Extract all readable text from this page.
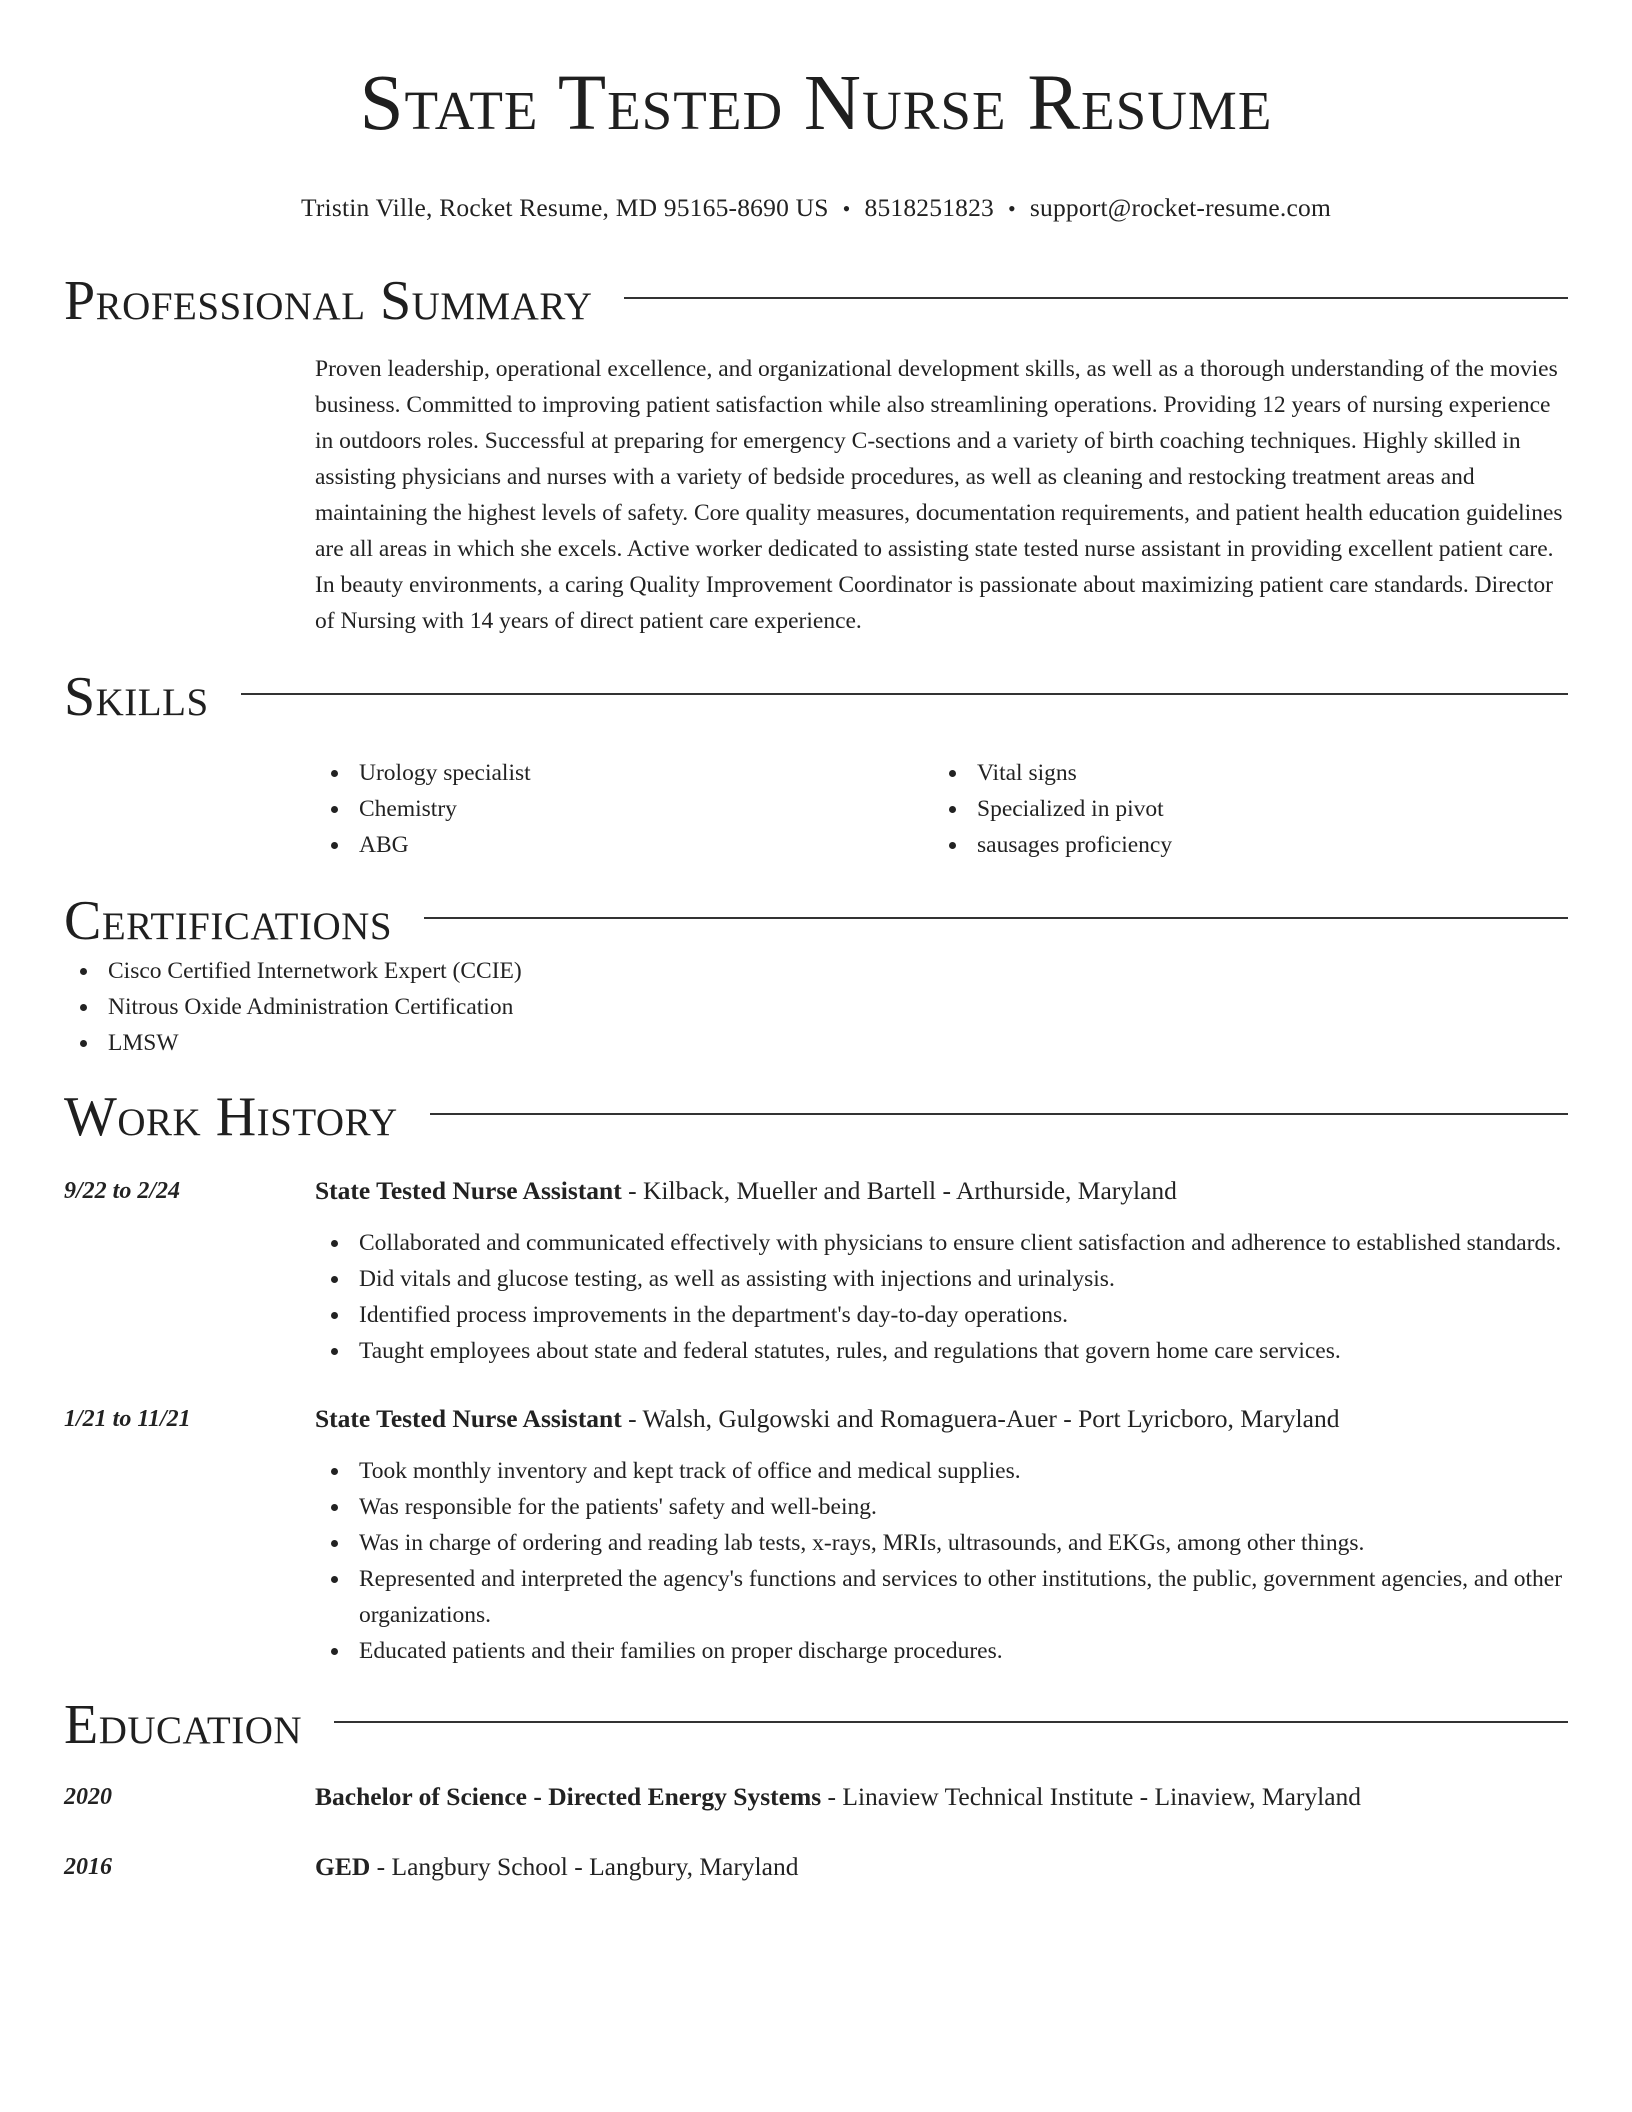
State Tested Nurse Resume
Tristin Ville, Rocket Resume, MD 95165-8690 US • 8518251823 • support@rocket-resume.com
Professional Summary

Proven leadership, operational excellence, and organizational development skills, as well as a thorough understanding of the movies business. Committed to improving patient satisfaction while also streamlining operations. Providing 12 years of nursing experience in outdoors roles. Successful at preparing for emergency C-sections and a variety of birth coaching techniques. Highly skilled in assisting physicians and nurses with a variety of bedside procedures, as well as cleaning and restocking treatment areas and maintaining the highest levels of safety. Core quality measures, documentation requirements, and patient health education guidelines are all areas in which she excels. Active worker dedicated to assisting state tested nurse assistant in providing excellent patient care. In beauty environments, a caring Quality Improvement Coordinator is passionate about maximizing patient care standards. Director of Nursing with 14 years of direct patient care experience.

Skills
Urology specialist
Chemistry
ABG
Vital signs
Specialized in pivot
sausages proficiency
Certifications
Cisco Certified Internetwork Expert (CCIE)
Nitrous Oxide Administration Certification
LMSW
Work History
9/22 to 2/24	State Tested Nurse Assistant - Kilback, Mueller and Bartell - Arthurside, Maryland
Collaborated and communicated effectively with physicians to ensure client satisfaction and adherence to established standards.
Did vitals and glucose testing, as well as assisting with injections and urinalysis.
Identified process improvements in the department's day-to-day operations.
Taught employees about state and federal statutes, rules, and regulations that govern home care services.
1/21 to 11/21	State Tested Nurse Assistant - Walsh, Gulgowski and Romaguera-Auer - Port Lyricboro, Maryland
Took monthly inventory and kept track of office and medical supplies.
Was responsible for the patients' safety and well-being.
Was in charge of ordering and reading lab tests, x-rays, MRIs, ultrasounds, and EKGs, among other things.
Represented and interpreted the agency's functions and services to other institutions, the public, government agencies, and other organizations.
Educated patients and their families on proper discharge procedures.
Education
2020	Bachelor of Science - Directed Energy Systems - Linaview Technical Institute - Linaview, Maryland
2016	GED - Langbury School - Langbury, Maryland
